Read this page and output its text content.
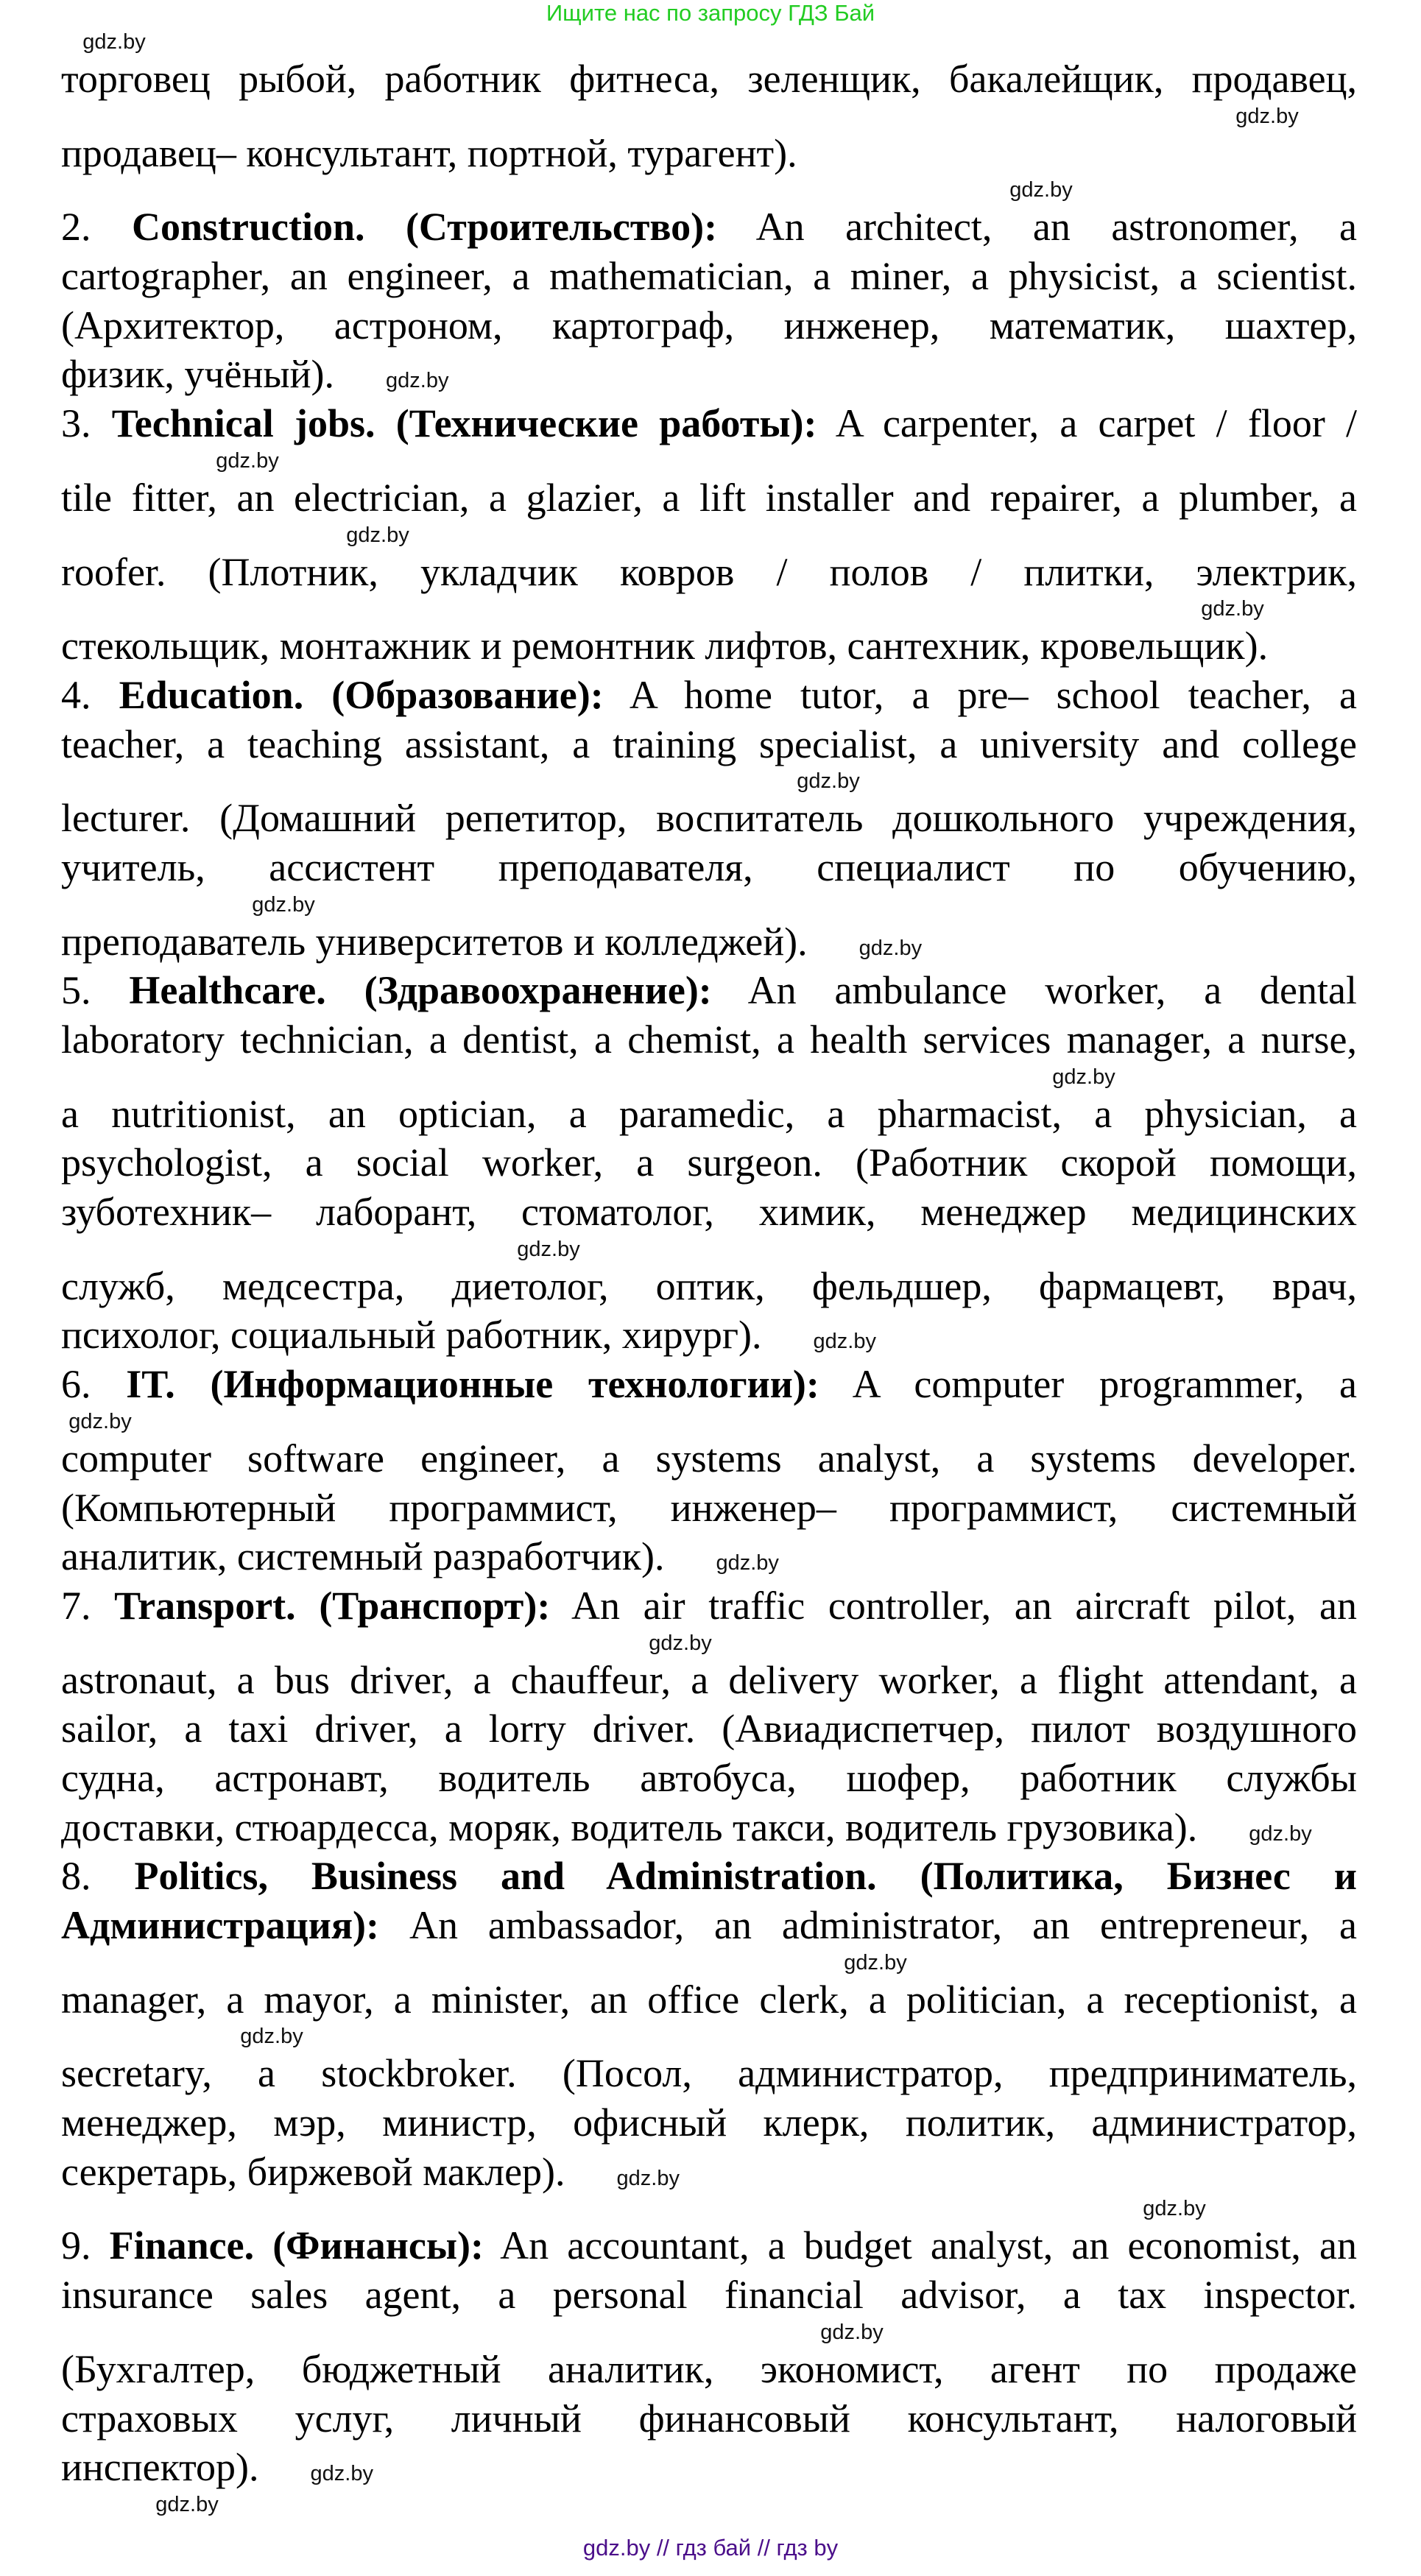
Ищите нас по запросу ГДЗ Бай
gdz.by
торговец рыбой, работник фитнеса, зеленщик, бакалейщик, продавец,
gdz.by
продавец– консультант, портной, турагент).
gdz.by
2. Construction. (Строительство): An architect, an astronomer, a
cartographer, an engineer, a mathematician, a miner, a physicist, a scientist.
(Архитектор, астроном, картограф, инженер, математик, шахтер,
физик, учёный). gdz.by
3. Technical jobs. (Технические работы): A carpenter, a carpet / floor /
gdz.by
tile fitter, an electrician, a glazier, a lift installer and repairer, a plumber, a
gdz.by
roofer. (Плотник, укладчик ковров / полов / плитки, электрик,
gdz.by
стекольщик, монтажник и ремонтник лифтов, сантехник, кровельщик).
4. Education. (Образование): A home tutor, a pre– school teacher, a
teacher, a teaching assistant, a training specialist, a university and college
gdz.by
lecturer. (Домашний репетитор, воспитатель дошкольного учреждения,
учитель, ассистент преподавателя, специалист по обучению,
gdz.by
преподаватель университетов и колледжей). gdz.by
5. Healthcare. (Здравоохранение): An ambulance worker, a dental
laboratory technician, a dentist, a chemist, a health services manager, a nurse,
gdz.by
a nutritionist, an optician, a paramedic, a pharmacist, a physician, a
psychologist, a social worker, a surgeon. (Работник скорой помощи,
зуботехник– лаборант, стоматолог, химик, менеджер медицинских
gdz.by
служб, медсестра, диетолог, оптик, фельдшер, фармацевт, врач,
психолог, социальный работник, хирург). gdz.by
6. IT. (Информационные технологии): A computer programmer, a
gdz.by
computer software engineer, a systems analyst, a systems developer.
(Компьютерный программист, инженер– программист, системный
аналитик, системный разработчик). gdz.by
7. Transport. (Транспорт): An air traffic controller, an aircraft pilot, an
gdz.by
astronaut, a bus driver, a chauffeur, a delivery worker, a flight attendant, a
sailor, a taxi driver, a lorry driver. (Авиадиспетчер, пилот воздушного
судна, астронавт, водитель автобуса, шофер, работник службы
доставки, стюардесса, моряк, водитель такси, водитель грузовика). gdz.by
8. Politics, Business and Administration. (Политика, Бизнес и
Администрация): An ambassador, an administrator, an entrepreneur, a
gdz.by
manager, a mayor, a minister, an office clerk, a politician, a receptionist, a
gdz.by
secretary, a stockbroker. (Посол, администратор, предприниматель,
менеджер, мэр, министр, офисный клерк, политик, администратор,
секретарь, биржевой маклер). gdz.by
gdz.by
9. Finance. (Финансы): An accountant, a budget analyst, an economist, an
insurance sales agent, a personal financial advisor, a tax inspector.
gdz.by
(Бухгалтер, бюджетный аналитик, экономист, агент по продаже
страховых услуг, личный финансовый консультант, налоговый
инспектор). gdz.by
gdz.by
gdz.by // гдз бай // гдз by
